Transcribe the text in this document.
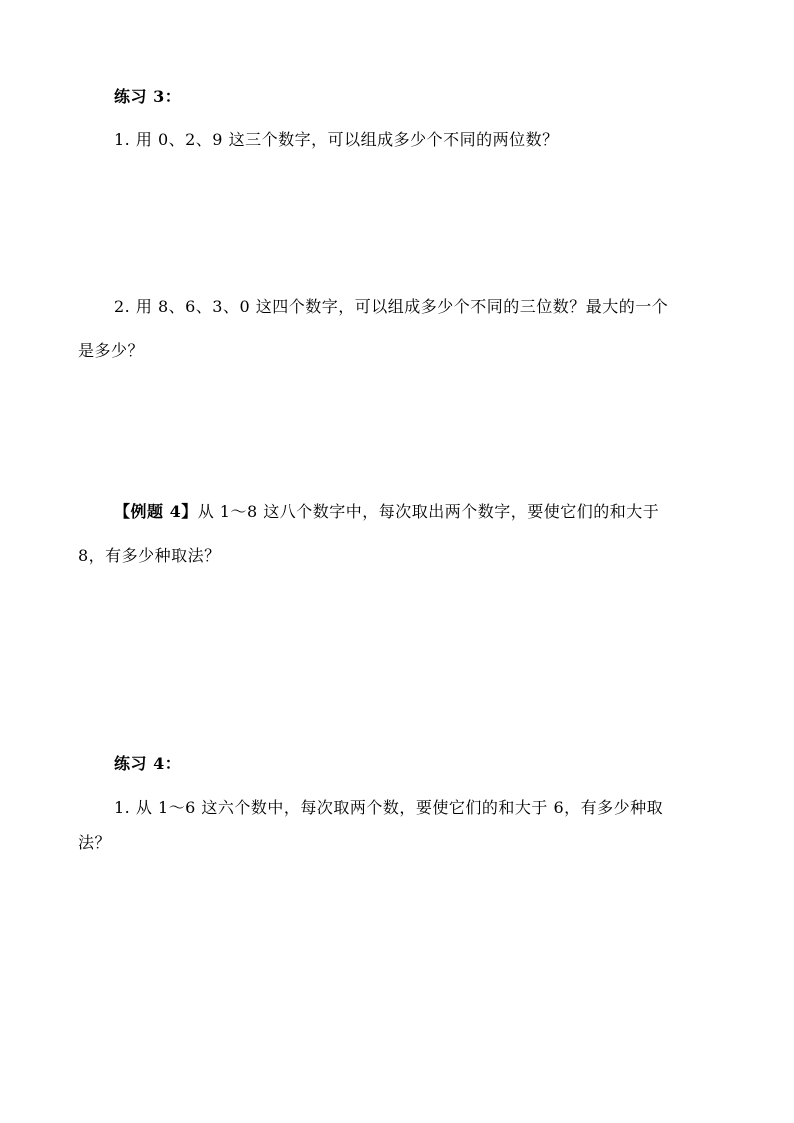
练习 3：
1. 用 0、2、9 这三个数字，可以组成多少个不同的两位数？
2. 用 8、6、3、0 这四个数字，可以组成多少个不同的三位数？最大的一个
是多少？
【例题 4】从 1～8 这八个数字中，每次取出两个数字，要使它们的和大于
8，有多少种取法？
练习 4：
1. 从 1～6 这六个数中，每次取两个数，要使它们的和大于 6，有多少种取
法？
